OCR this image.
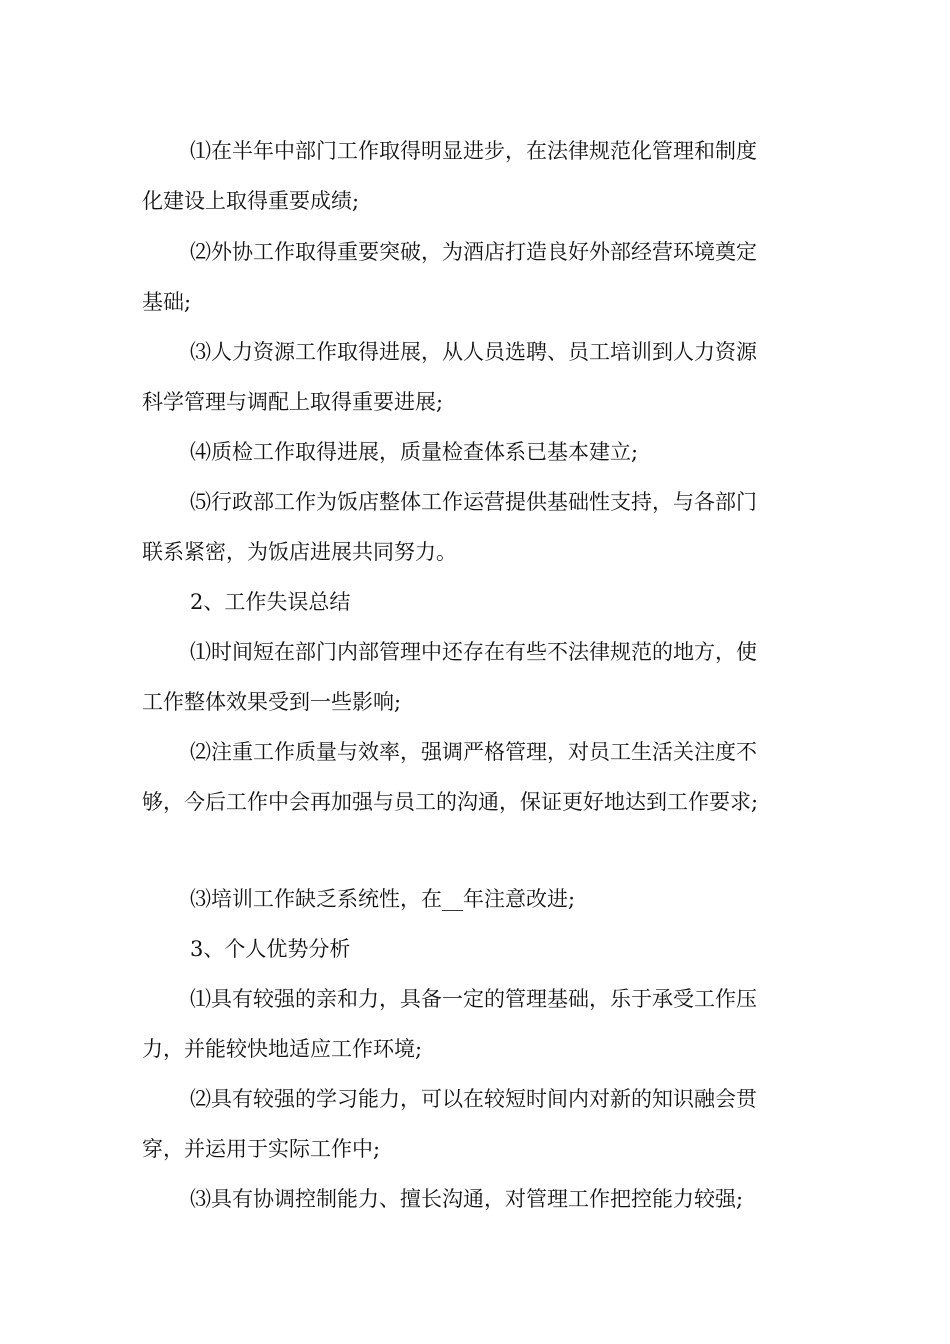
⑴在半年中部门工作取得明显进步，在法律规范化管理和制度
化建设上取得重要成绩;
⑵外协工作取得重要突破，为酒店打造良好外部经营环境奠定
基础;
⑶人力资源工作取得进展，从人员选聘、员工培训到人力资源
科学管理与调配上取得重要进展;
⑷质检工作取得进展，质量检查体系已基本建立;
⑸行政部工作为饭店整体工作运营提供基础性支持，与各部门
联系紧密，为饭店进展共同努力。
2、工作失误总结
⑴时间短在部门内部管理中还存在有些不法律规范的地方，使
工作整体效果受到一些影响;
⑵注重工作质量与效率，强调严格管理，对员工生活关注度不
够，今后工作中会再加强与员工的沟通，保证更好地达到工作要求;
⑶培训工作缺乏系统性，在__年注意改进;
3、个人优势分析
⑴具有较强的亲和力，具备一定的管理基础，乐于承受工作压
力，并能较快地适应工作环境;
⑵具有较强的学习能力，可以在较短时间内对新的知识融会贯
穿，并运用于实际工作中;
⑶具有协调控制能力、擅长沟通，对管理工作把控能力较强;
